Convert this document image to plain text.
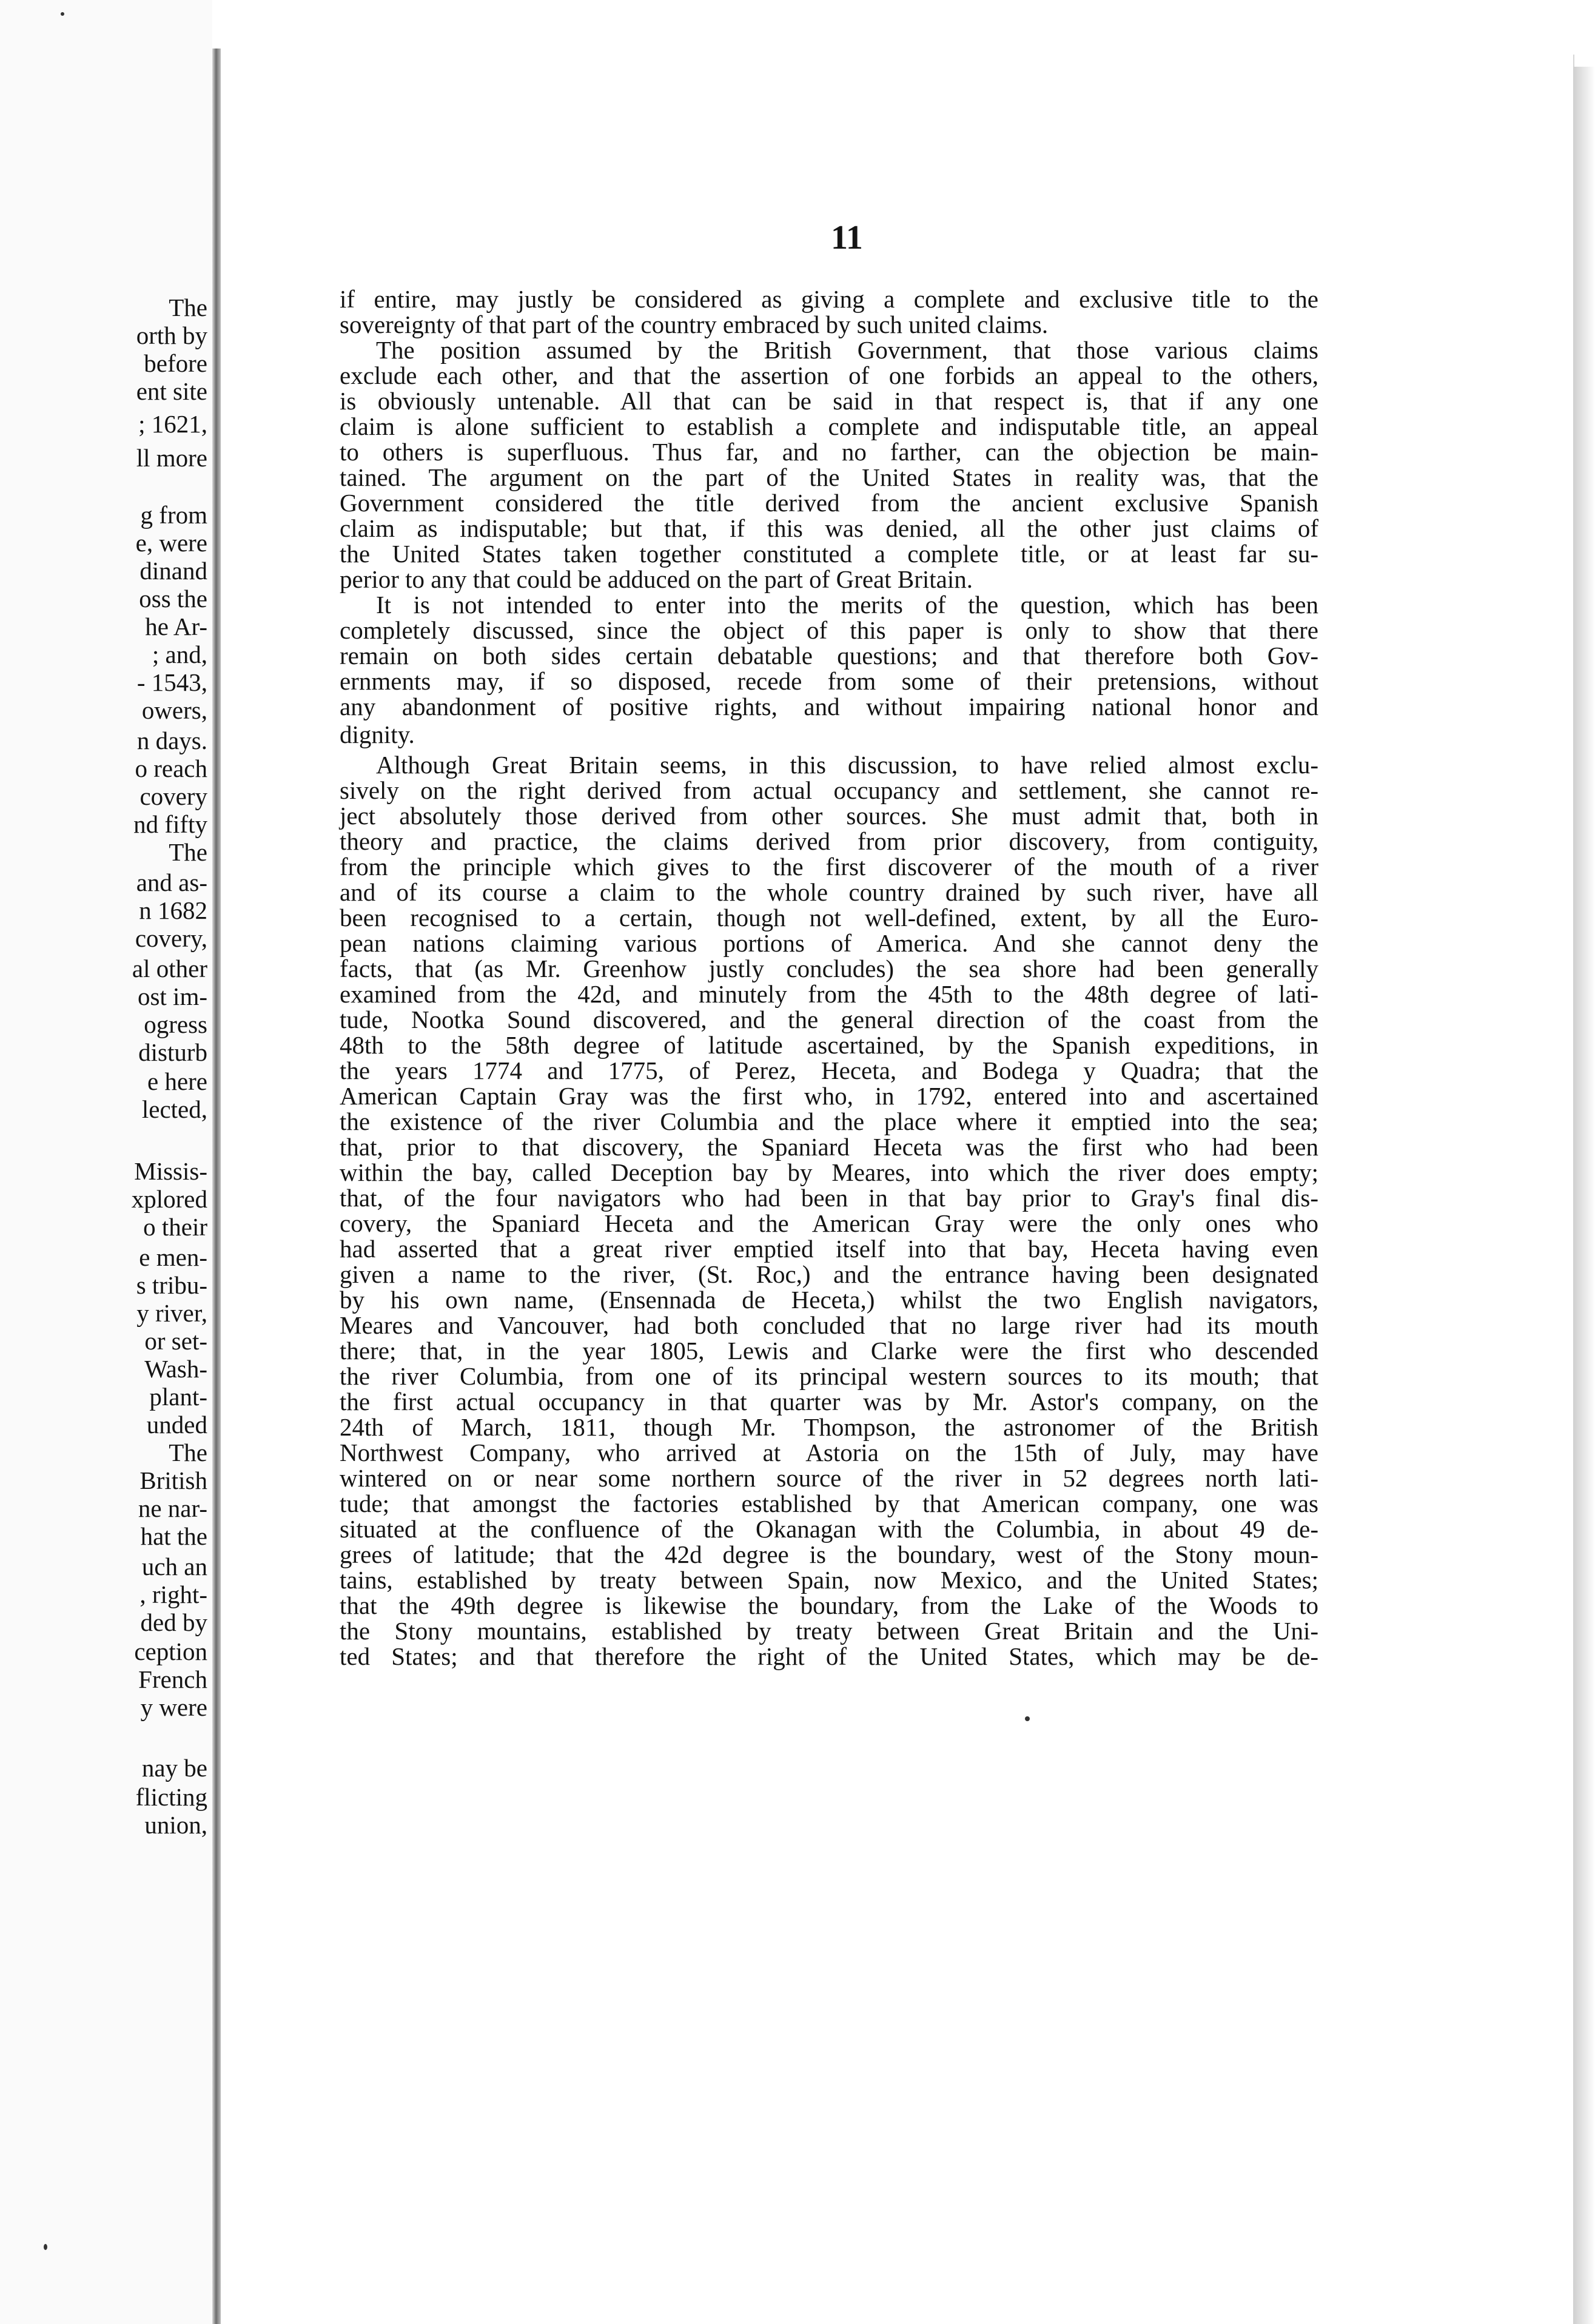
The
orth by
before
ent site
; 1621,
ll more
g from
e, were
dinand
oss the
he Ar-
; and,
- 1543,
owers,
n days.
o reach
covery
nd fifty
The
and as-
n 1682
covery,
al other
ost im-
ogress
disturb
e here
lected,
Missis-
xplored
o their
e men-
s tribu-
y river,
or set-
Wash-
plant-
unded
The
British
ne nar-
hat the
uch an
, right-
ded by
ception
French
y were
nay be
flicting
union,
11
if entire, may justly be considered as giving a complete and exclusive title to the
sovereignty of that part of the country embraced by such united claims.
The position assumed by the British Government, that those various claims
exclude each other, and that the assertion of one forbids an appeal to the others,
is obviously untenable. All that can be said in that respect is, that if any one
claim is alone sufficient to establish a complete and indisputable title, an appeal
to others is superfluous. Thus far, and no farther, can the objection be main-
tained. The argument on the part of the United States in reality was, that the
Government considered the title derived from the ancient exclusive Spanish
claim as indisputable; but that, if this was denied, all the other just claims of
the United States taken together constituted a complete title, or at least far su-
perior to any that could be adduced on the part of Great Britain.
It is not intended to enter into the merits of the question, which has been
completely discussed, since the object of this paper is only to show that there
remain on both sides certain debatable questions; and that therefore both Gov-
ernments may, if so disposed, recede from some of their pretensions, without
any abandonment of positive rights, and without impairing national honor and
dignity.
Although Great Britain seems, in this discussion, to have relied almost exclu-
sively on the right derived from actual occupancy and settlement, she cannot re-
ject absolutely those derived from other sources. She must admit that, both in
theory and practice, the claims derived from prior discovery, from contiguity,
from the principle which gives to the first discoverer of the mouth of a river
and of its course a claim to the whole country drained by such river, have all
been recognised to a certain, though not well-defined, extent, by all the Euro-
pean nations claiming various portions of America. And she cannot deny the
facts, that (as Mr. Greenhow justly concludes) the sea shore had been generally
examined from the 42d, and minutely from the 45th to the 48th degree of lati-
tude, Nootka Sound discovered, and the general direction of the coast from the
48th to the 58th degree of latitude ascertained, by the Spanish expeditions, in
the years 1774 and 1775, of Perez, Heceta, and Bodega y Quadra; that the
American Captain Gray was the first who, in 1792, entered into and ascertained
the existence of the river Columbia and the place where it emptied into the sea;
that, prior to that discovery, the Spaniard Heceta was the first who had been
within the bay, called Deception bay by Meares, into which the river does empty;
that, of the four navigators who had been in that bay prior to Gray's final dis-
covery, the Spaniard Heceta and the American Gray were the only ones who
had asserted that a great river emptied itself into that bay, Heceta having even
given a name to the river, (St. Roc,) and the entrance having been designated
by his own name, (Ensennada de Heceta,) whilst the two English navigators,
Meares and Vancouver, had both concluded that no large river had its mouth
there; that, in the year 1805, Lewis and Clarke were the first who descended
the river Columbia, from one of its principal western sources to its mouth; that
the first actual occupancy in that quarter was by Mr. Astor's company, on the
24th of March, 1811, though Mr. Thompson, the astronomer of the British
Northwest Company, who arrived at Astoria on the 15th of July, may have
wintered on or near some northern source of the river in 52 degrees north lati-
tude; that amongst the factories established by that American company, one was
situated at the confluence of the Okanagan with the Columbia, in about 49 de-
grees of latitude; that the 42d degree is the boundary, west of the Stony moun-
tains, established by treaty between Spain, now Mexico, and the United States;
that the 49th degree is likewise the boundary, from the Lake of the Woods to
the Stony mountains, established by treaty between Great Britain and the Uni-
ted States; and that therefore the right of the United States, which may be de-
